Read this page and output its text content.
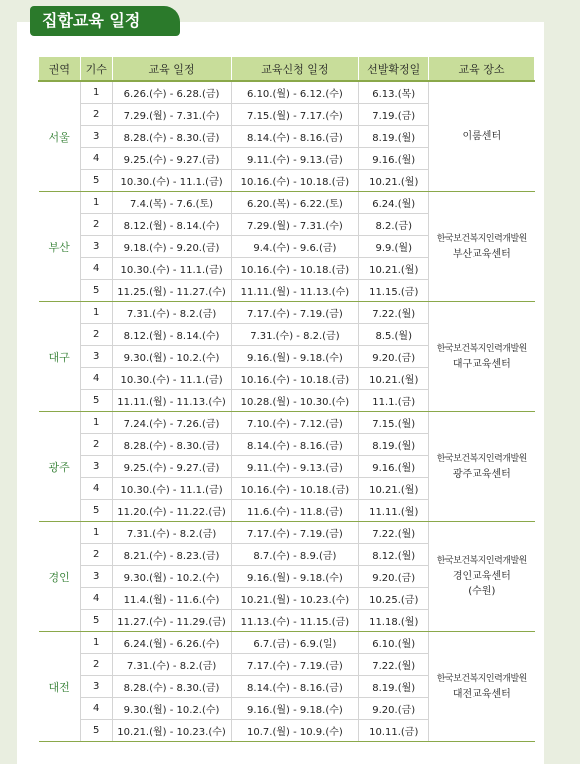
집합교육 일정
권역	기수	교육 일정	교육신청 일정	선발확정일	교육 장소
서울	1	6.26.(수) - 6.28.(금)	6.10.(월) - 6.12.(수)	6.13.(목)	이룸센터

	2	7.29.(월) - 7.31.(수)	7.15.(월) - 7.17.(수)	7.19.(금)	
	3	8.28.(수) - 8.30.(금)	8.14.(수) - 8.16.(금)	8.19.(월)	
	4	9.25.(수) - 9.27.(금)	9.11.(수) - 9.13.(금)	9.16.(월)	
	5	10.30.(수) - 11.1.(금)	10.16.(수) - 10.18.(금)	10.21.(월)	
부산	1	7.4.(목) - 7.6.(토)	6.20.(목) - 6.22.(토)	6.24.(월)	한국보건복지인력개발원
부산교육센터

	2	8.12.(월) - 8.14.(수)	7.29.(월) - 7.31.(수)	8.2.(금)	
	3	9.18.(수) - 9.20.(금)	9.4.(수) - 9.6.(금)	9.9.(월)	
	4	10.30.(수) - 11.1.(금)	10.16.(수) - 10.18.(금)	10.21.(월)	
	5	11.25.(월) - 11.27.(수)	11.11.(월) - 11.13.(수)	11.15.(금)	
대구	1	7.31.(수) - 8.2.(금)	7.17.(수) - 7.19.(금)	7.22.(월)	한국보건복지인력개발원
대구교육센터

	2	8.12.(월) - 8.14.(수)	7.31.(수) - 8.2.(금)	8.5.(월)	
	3	9.30.(월) - 10.2.(수)	9.16.(월) - 9.18.(수)	9.20.(금)	
	4	10.30.(수) - 11.1.(금)	10.16.(수) - 10.18.(금)	10.21.(월)	
	5	11.11.(월) - 11.13.(수)	10.28.(월) - 10.30.(수)	11.1.(금)	
광주	1	7.24.(수) - 7.26.(금)	7.10.(수) - 7.12.(금)	7.15.(월)	한국보건복지인력개발원
광주교육센터

	2	8.28.(수) - 8.30.(금)	8.14.(수) - 8.16.(금)	8.19.(월)	
	3	9.25.(수) - 9.27.(금)	9.11.(수) - 9.13.(금)	9.16.(월)	
	4	10.30.(수) - 11.1.(금)	10.16.(수) - 10.18.(금)	10.21.(월)	
	5	11.20.(수) - 11.22.(금)	11.6.(수) - 11.8.(금)	11.11.(월)	
경인	1	7.31.(수) - 8.2.(금)	7.17.(수) - 7.19.(금)	7.22.(월)	한국보건복지인력개발원
경인교육센터
(수원)

	2	8.21.(수) - 8.23.(금)	8.7.(수) - 8.9.(금)	8.12.(월)	
	3	9.30.(월) - 10.2.(수)	9.16.(월) - 9.18.(수)	9.20.(금)	
	4	11.4.(월) - 11.6.(수)	10.21.(월) - 10.23.(수)	10.25.(금)	
	5	11.27.(수) - 11.29.(금)	11.13.(수) - 11.15.(금)	11.18.(월)	
대전	1	6.24.(월) - 6.26.(수)	6.7.(금) - 6.9.(일)	6.10.(월)	한국보건복지인력개발원
대전교육센터

	2	7.31.(수) - 8.2.(금)	7.17.(수) - 7.19.(금)	7.22.(월)	
	3	8.28.(수) - 8.30.(금)	8.14.(수) - 8.16.(금)	8.19.(월)	
	4	9.30.(월) - 10.2.(수)	9.16.(월) - 9.18.(수)	9.20.(금)	
	5	10.21.(월) - 10.23.(수)	10.7.(월) - 10.9.(수)	10.11.(금)	
